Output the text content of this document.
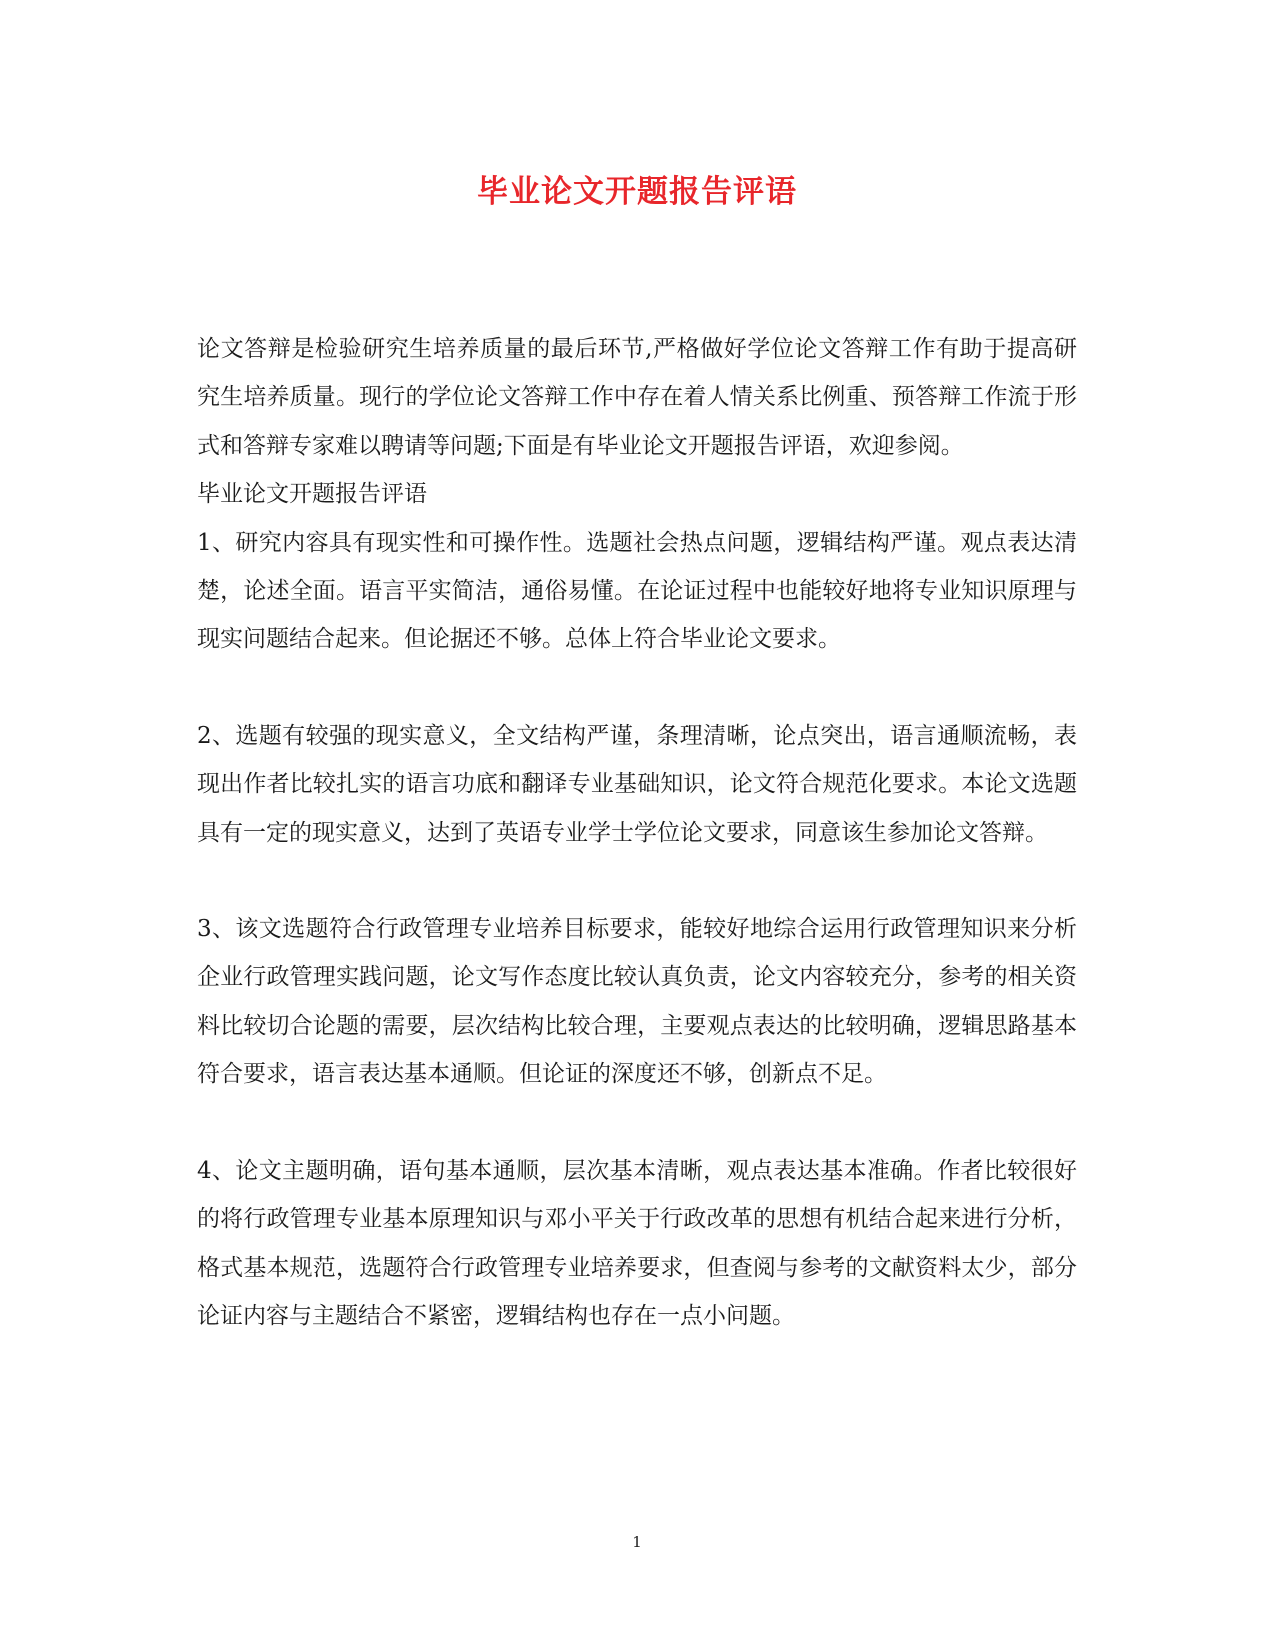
毕业论文开题报告评语

论文答辩是检验研究生培养质量的最后环节,严格做好学位论文答辩工作有助于提高研究生培养质量。现行的学位论文答辩工作中存在着人情关系比例重、预答辩工作流于形式和答辩专家难以聘请等问题;下面是有毕业论文开题报告评语，欢迎参阅。

毕业论文开题报告评语

1、研究内容具有现实性和可操作性。选题社会热点问题，逻辑结构严谨。观点表达清楚，论述全面。语言平实简洁，通俗易懂。在论证过程中也能较好地将专业知识原理与现实问题结合起来。但论据还不够。总体上符合毕业论文要求。

2、选题有较强的现实意义，全文结构严谨，条理清晰，论点突出，语言通顺流畅，表现出作者比较扎实的语言功底和翻译专业基础知识，论文符合规范化要求。本论文选题具有一定的现实意义，达到了英语专业学士学位论文要求，同意该生参加论文答辩。

3、该文选题符合行政管理专业培养目标要求，能较好地综合运用行政管理知识来分析企业行政管理实践问题，论文写作态度比较认真负责，论文内容较充分，参考的相关资料比较切合论题的需要，层次结构比较合理，主要观点表达的比较明确，逻辑思路基本符合要求，语言表达基本通顺。但论证的深度还不够，创新点不足。

4、论文主题明确，语句基本通顺，层次基本清晰，观点表达基本准确。作者比较很好的将行政管理专业基本原理知识与邓小平关于行政改革的思想有机结合起来进行分析，格式基本规范，选题符合行政管理专业培养要求，但查阅与参考的文献资料太少，部分论证内容与主题结合不紧密，逻辑结构也存在一点小问题。

1
